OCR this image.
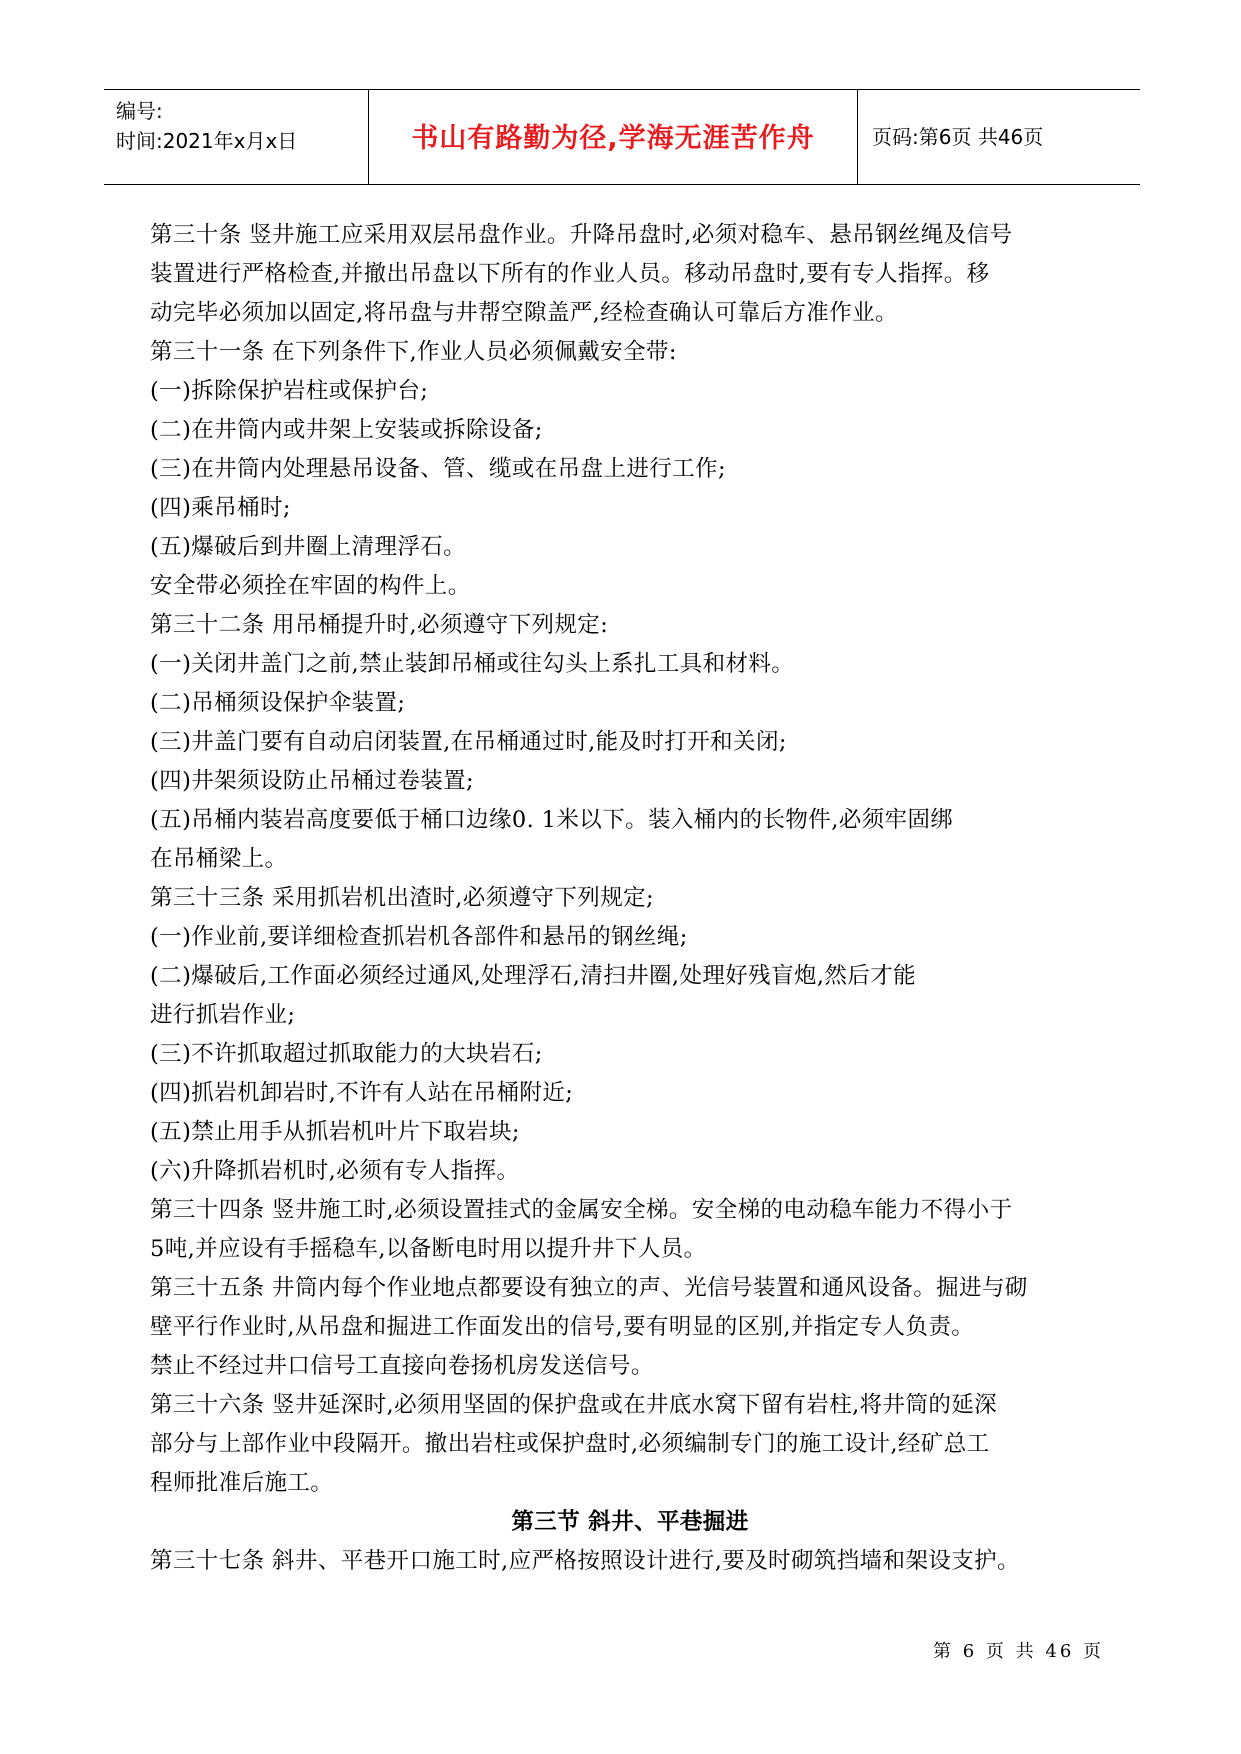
编号:
时间:2021年x月x日	书山有路勤为径,学海无涯苦作舟	页码:第6页 共46页

第三十条 竖井施工应采用双层吊盘作业。升降吊盘时,必须对稳车、悬吊钢丝绳及信号

装置进行严格检查,并撤出吊盘以下所有的作业人员。移动吊盘时,要有专人指挥。移

动完毕必须加以固定,将吊盘与井帮空隙盖严,经检查确认可靠后方准作业。

第三十一条 在下列条件下,作业人员必须佩戴安全带:

(一)拆除保护岩柱或保护台;

(二)在井筒内或井架上安装或拆除设备;

(三)在井筒内处理悬吊设备、管、缆或在吊盘上进行工作;

(四)乘吊桶时;

(五)爆破后到井圈上清理浮石。

安全带必须拴在牢固的构件上。

第三十二条 用吊桶提升时,必须遵守下列规定:

(一)关闭井盖门之前,禁止装卸吊桶或往勾头上系扎工具和材料。

(二)吊桶须设保护伞装置;

(三)井盖门要有自动启闭装置,在吊桶通过时,能及时打开和关闭;

(四)井架须设防止吊桶过卷装置;

(五)吊桶内装岩高度要低于桶口边缘0. 1米以下。装入桶内的长物件,必须牢固绑

在吊桶梁上。

第三十三条 采用抓岩机出渣时,必须遵守下列规定;

(一)作业前,要详细检查抓岩机各部件和悬吊的钢丝绳;

(二)爆破后,工作面必须经过通风,处理浮石,清扫井圈,处理好残盲炮,然后才能

进行抓岩作业;

(三)不许抓取超过抓取能力的大块岩石;

(四)抓岩机卸岩时,不许有人站在吊桶附近;

(五)禁止用手从抓岩机叶片下取岩块;

(六)升降抓岩机时,必须有专人指挥。

第三十四条 竖井施工时,必须设置挂式的金属安全梯。安全梯的电动稳车能力不得小于

5吨,并应设有手摇稳车,以备断电时用以提升井下人员。

第三十五条 井筒内每个作业地点都要设有独立的声、光信号装置和通风设备。掘进与砌

壁平行作业时,从吊盘和掘进工作面发出的信号,要有明显的区别,并指定专人负责。

禁止不经过井口信号工直接向卷扬机房发送信号。

第三十六条 竖井延深时,必须用坚固的保护盘或在井底水窝下留有岩柱,将井筒的延深

部分与上部作业中段隔开。撤出岩柱或保护盘时,必须编制专门的施工设计,经矿总工

程师批准后施工。

第三节 斜井、平巷掘进

第三十七条 斜井、平巷开口施工时,应严格按照设计进行,要及时砌筑挡墙和架设支护。

第 6 页 共 46 页
